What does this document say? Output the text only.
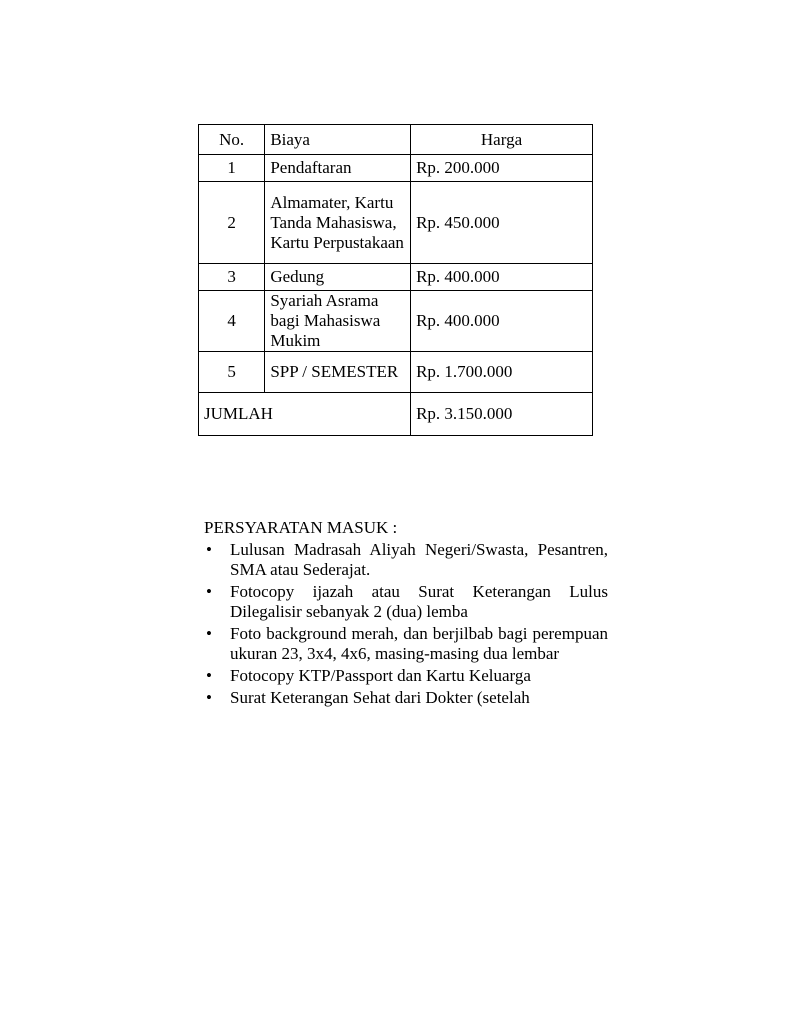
No.	Biaya	Harga
1	Pendaftaran	Rp. 200.000
2	Almamater, Kartu Tanda Mahasiswa, Kartu Perpustakaan	Rp. 450.000
3	Gedung	Rp. 400.000
4	Syariah Asrama bagi Mahasiswa Mukim	Rp. 400.000
5	SPP / SEMESTER	Rp. 1.700.000
JUMLAH		Rp. 3.150.000
PERSYARATAN MASUK :
• Lulusan Madrasah Aliyah Negeri/Swasta, Pesantren, SMA atau Sederajat.
• Fotocopy ijazah atau Surat Keterangan Lulus Dilegalisir sebanyak 2 (dua) lemba
• Foto background merah, dan berjilbab bagi perempuan ukuran 23, 3x4, 4x6, masing-masing dua lembar
• Fotocopy KTP/Passport dan Kartu Keluarga
• Surat Keterangan Sehat dari Dokter (setelah
